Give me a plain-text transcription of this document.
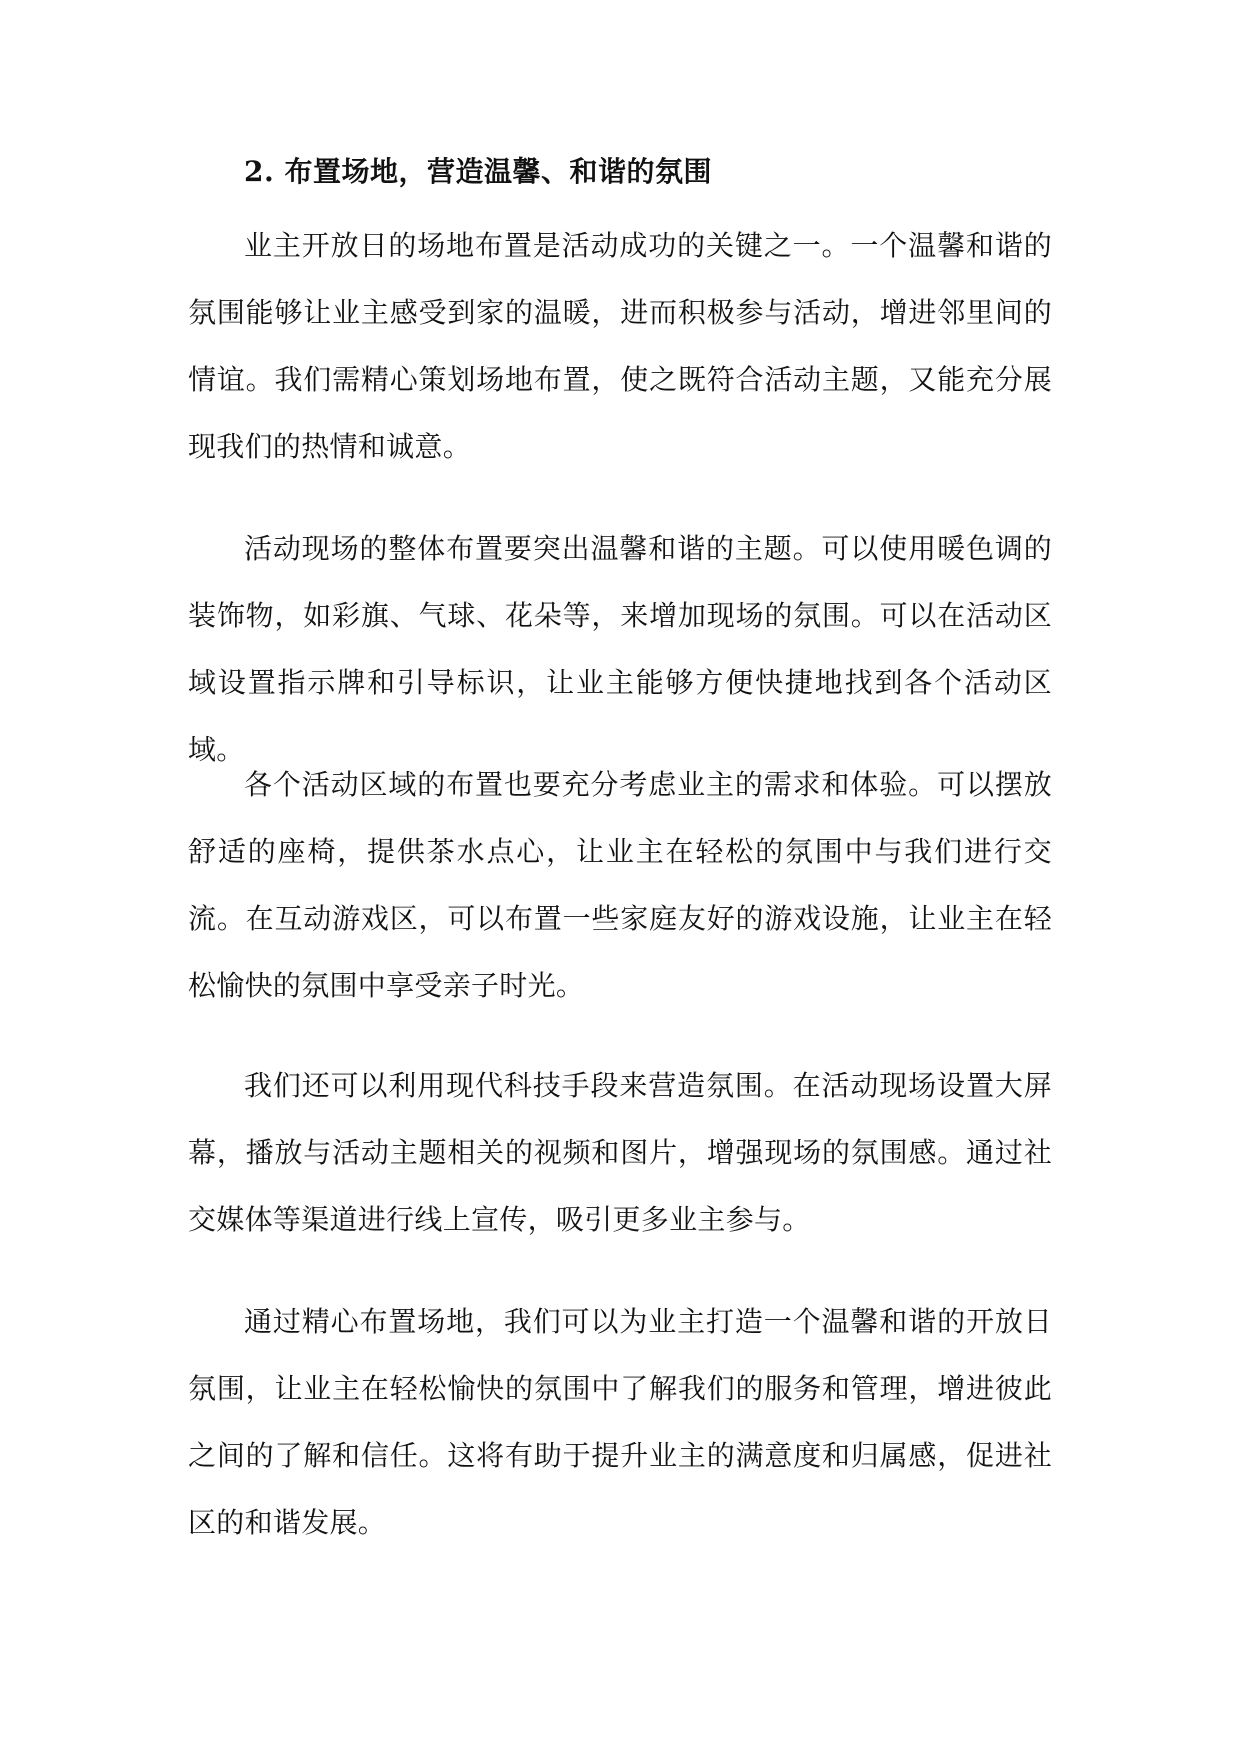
2. 布置场地，营造温馨、和谐的氛围

业主开放日的场地布置是活动成功的关键之一。一个温馨和谐的氛围能够让业主感受到家的温暖，进而积极参与活动，增进邻里间的情谊。我们需精心策划场地布置，使之既符合活动主题，又能充分展现我们的热情和诚意。

活动现场的整体布置要突出温馨和谐的主题。可以使用暖色调的装饰物，如彩旗、气球、花朵等，来增加现场的氛围。可以在活动区域设置指示牌和引导标识，让业主能够方便快捷地找到各个活动区域。

各个活动区域的布置也要充分考虑业主的需求和体验。可以摆放舒适的座椅，提供茶水点心，让业主在轻松的氛围中与我们进行交流。在互动游戏区，可以布置一些家庭友好的游戏设施，让业主在轻松愉快的氛围中享受亲子时光。

我们还可以利用现代科技手段来营造氛围。在活动现场设置大屏幕，播放与活动主题相关的视频和图片，增强现场的氛围感。通过社交媒体等渠道进行线上宣传，吸引更多业主参与。

通过精心布置场地，我们可以为业主打造一个温馨和谐的开放日氛围，让业主在轻松愉快的氛围中了解我们的服务和管理，增进彼此之间的了解和信任。这将有助于提升业主的满意度和归属感，促进社区的和谐发展。
